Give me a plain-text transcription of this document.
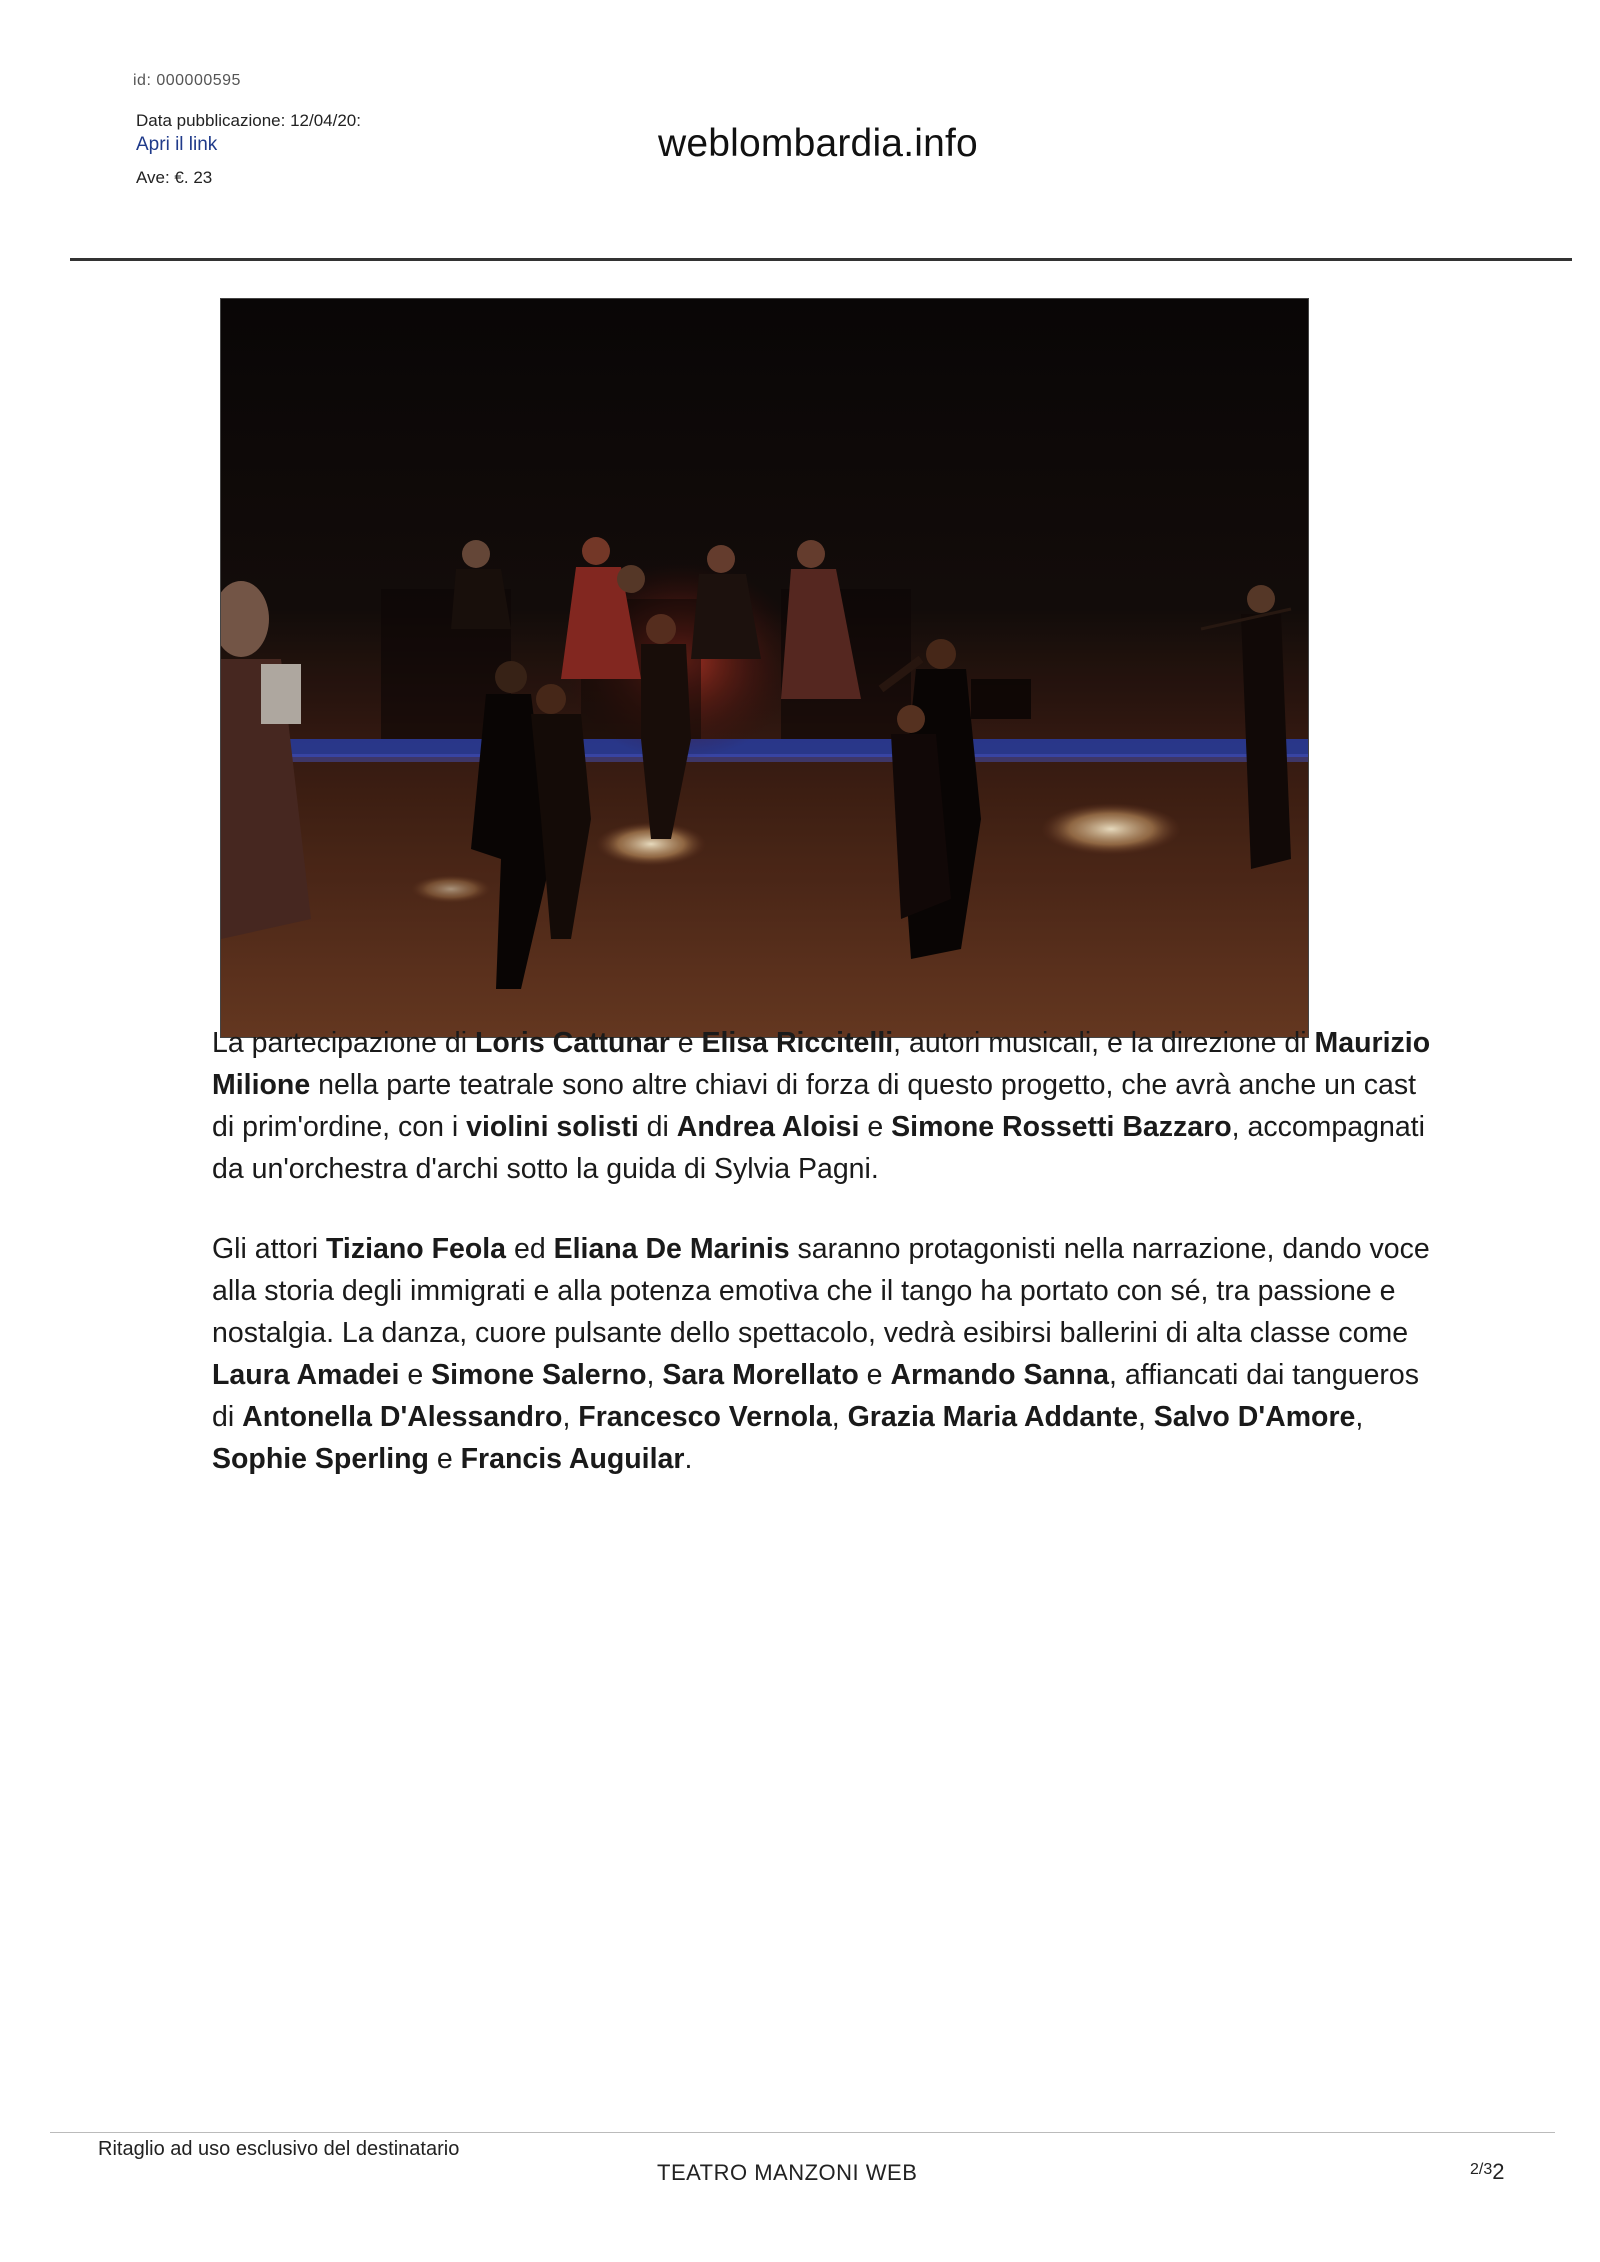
id: 000000595
Data pubblicazione: 12/04/20:
Apri il link
Ave: €. 23
weblombardia.info

La partecipazione di Loris Cattunar e Elisa Riccitelli, autori musicali, e la direzione di Maurizio Milione nella parte teatrale sono altre chiavi di forza di questo progetto, che avrà anche un cast di prim'ordine, con i violini solisti di Andrea Aloisi e Simone Rossetti Bazzaro, accompagnati da un'orchestra d'archi sotto la guida di Sylvia Pagni.

Gli attori Tiziano Feola ed Eliana De Marinis saranno protagonisti nella narrazione, dando voce alla storia degli immigrati e alla potenza emotiva che il tango ha portato con sé, tra passione e nostalgia. La danza, cuore pulsante dello spettacolo, vedrà esibirsi ballerini di alta classe come Laura Amadei e Simone Salerno, Sara Morellato e Armando Sanna, affiancati dai tangueros di Antonella D'Alessandro, Francesco Vernola, Grazia Maria Addante, Salvo D'Amore, Sophie Sperling e Francis Auguilar.

Ritaglio ad uso esclusivo del destinatario
TEATRO MANZONI WEB	$^{2/3}$2
